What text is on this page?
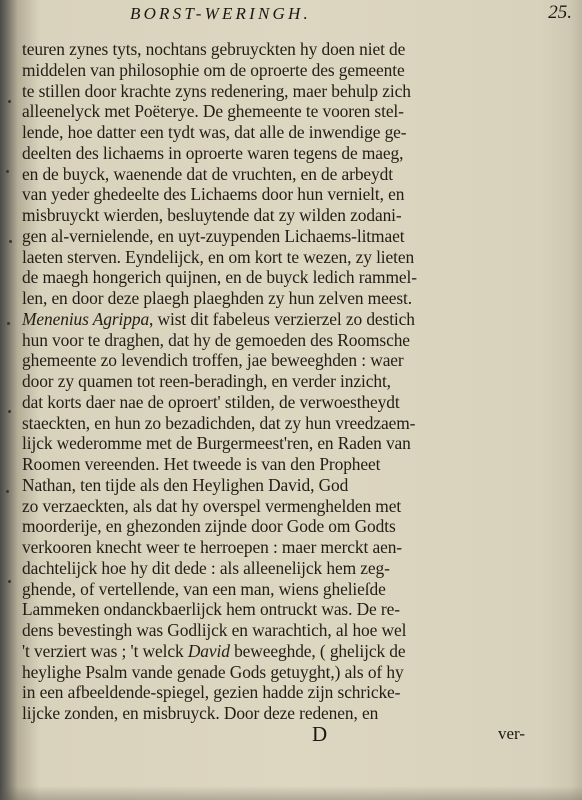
BORST-WERINGH.	25.
teuren zynes tyts, nochtans gebruyckten hy doen niet de
middelen van philosophie om de oproerte des gemeente
te stillen door krachte zyns redenering, maer behulp zich
alleenelyck met Poëterye. De ghemeente te vooren stel-
lende, hoe datter een tydt was, dat alle de inwendige ge-
deelten des lichaems in oproerte waren tegens de maeg,
en de buyck, waenende dat de vruchten, en de arbeydt
van yeder ghedeelte des Lichaems door hun vernielt, en
misbruyckt wierden, besluytende dat zy wilden zodani-
gen al-vernielende, en uyt-zuypenden Lichaems-litmaet
laeten sterven. Eyndelijck, en om kort te wezen, zy lieten
de maegh hongerich quijnen, en de buyck ledich rammel-
len, en door deze plaegh plaeghden zy hun zelven meest.
Menenius Agrippa, wist dit fabeleus verzierzel zo destich
hun voor te draghen, dat hy de gemoeden des Roomsche
ghemeente zo levendich troffen, jae beweeghden : waer
door zy quamen tot reen-beradingh, en verder inzicht,
dat korts daer nae de oproert' stilden, de verwoestheydt
staeckten, en hun zo bezadichden, dat zy hun vreedzaem-
lijck wederomme met de Burgermeest'ren, en Raden van
Roomen vereenden. Het tweede is van den Propheet
Nathan, ten tijde als den Heylighen David, God
zo verzaeckten, als dat hy overspel vermenghelden met
moorderije, en ghezonden zijnde door Gode om Godts
verkooren knecht weer te herroepen : maer merckt aen-
dachtelijck hoe hy dit dede : als alleenelijck hem zeg-
ghende, of vertellende, van een man, wiens ghelieſde
Lammeken ondanckbaerlijck hem ontruckt was. De re-
dens bevestingh was Godlijck en warachtich, al hoe wel
't verziert was ; 't welck David beweeghde, ( ghelijck de
heylighe Psalm vande genade Gods getuyght,) als of hy
in een afbeeldende-spiegel, gezien hadde zijn schricke-
lijcke zonden, en misbruyck. Door deze redenen, en
D	ver-
